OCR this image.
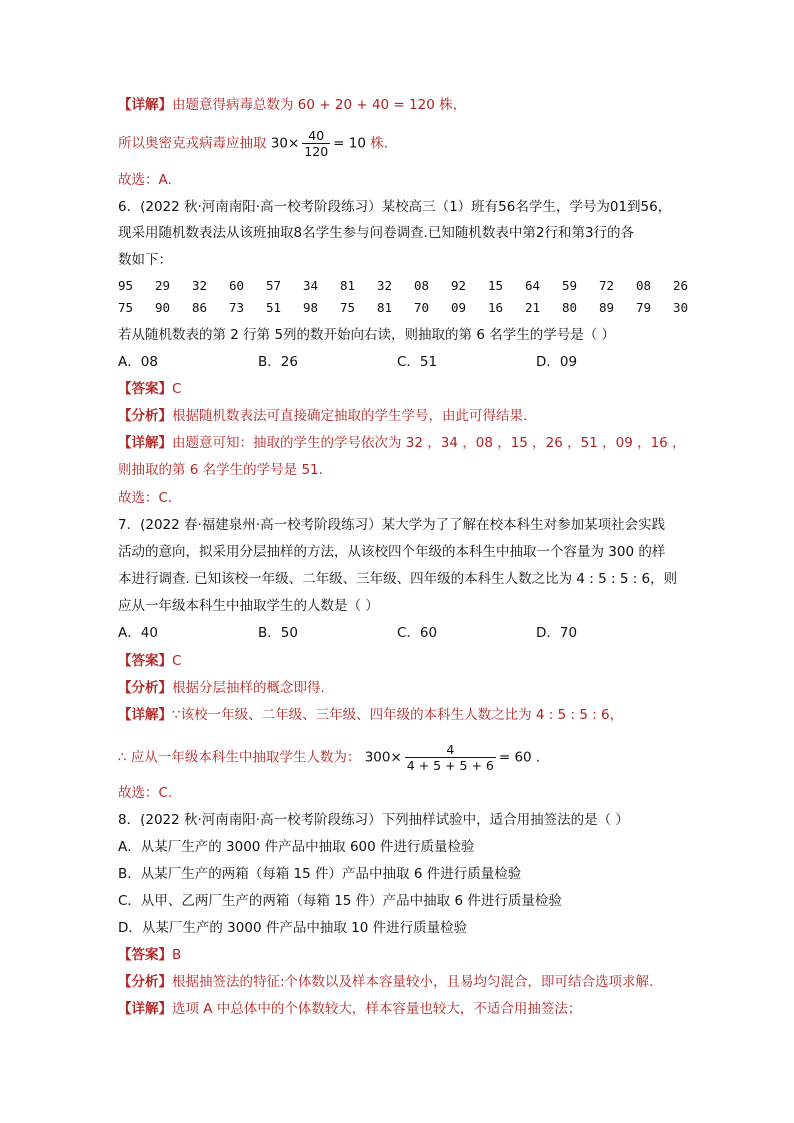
【详解】由题意得病毒总数为 60 + 20 + 40 = 120 株，
所以奥密克戎病毒应抽取 $30\times \frac{40}{120} = 10$ 株.
故选：A.
6．(2022 秋·河南南阳·高一校考阶段练习）某校高三（1）班有56名学生，学号为01到56，
现采用随机数表法从该班抽取8名学生参与问卷调查.已知随机数表中第2行和第3行的各
数如下：
95 29 32 60 57 34 81 32 08 92 15 64 59 72 08 26
75 90 86 73 51 98 75 81 70 09 16 21 80 89 79 30
若从随机数表的第 2 行第 5列的数开始向右读，则抽取的第 6 名学生的学号是（ ）
A．08	B．26	C．51	D．09
【答案】C
【分析】根据随机数表法可直接确定抽取的学生学号，由此可得结果.
【详解】由题意可知：抽取的学生的学号依次为 32 ，34 ，08 ，15 ，26 ，51 ，09 ，16 ，
则抽取的第 6 名学生的学号是 51.
故选：C.
7．(2022 春·福建泉州·高一校考阶段练习）某大学为了了解在校本科生对参加某项社会实践
活动的意向，拟采用分层抽样的方法，从该校四个年级的本科生中抽取一个容量为 300 的样
本进行调查. 已知该校一年级、二年级、三年级、四年级的本科生人数之比为 4 : 5 : 5 : 6，则
应从一年级本科生中抽取学生的人数是（ ）
A．40	B．50	C．60	D．70
【答案】C
【分析】根据分层抽样的概念即得.
【详解】∵该校一年级、二年级、三年级、四年级的本科生人数之比为 4 : 5 : 5 : 6，
∴ 应从一年级本科生中抽取学生人数为： $300\times \frac{4}{4 + 5 + 5 + 6} = 60$ .
故选：C.
8．(2022 秋·河南南阳·高一校考阶段练习）下列抽样试验中，适合用抽签法的是（ ）
A．从某厂生产的 3000 件产品中抽取 600 件进行质量检验
B．从某厂生产的两箱（每箱 15 件）产品中抽取 6 件进行质量检验
C．从甲、乙两厂生产的两箱（每箱 15 件）产品中抽取 6 件进行质量检验
D．从某厂生产的 3000 件产品中抽取 10 件进行质量检验
【答案】B
【分析】根据抽签法的特征:个体数以及样本容量较小，且易均匀混合，即可结合选项求解.
【详解】选项 A 中总体中的个体数较大，样本容量也较大，不适合用抽签法；
